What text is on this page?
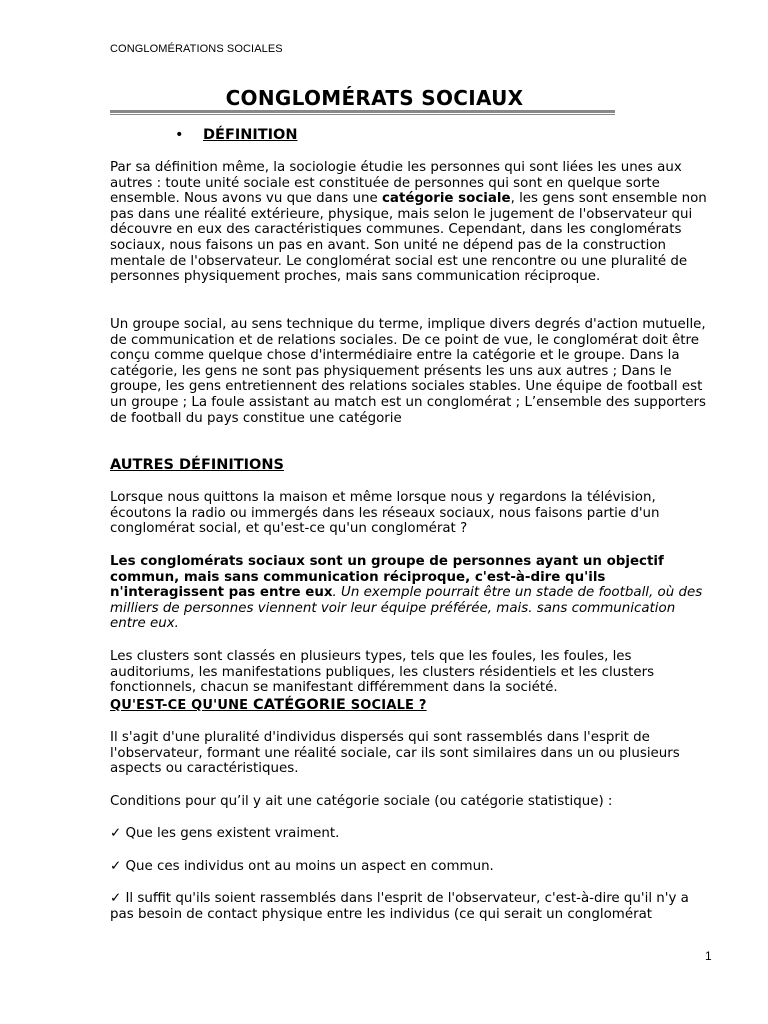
CONGLOMÉRATIONS SOCIALES
CONGLOMÉRATS SOCIAUX
• DÉFINITION

Par sa définition même, la sociologie étudie les personnes qui sont liées les unes aux autres : toute unité sociale est constituée de personnes qui sont en quelque sorte ensemble. Nous avons vu que dans une catégorie sociale, les gens sont ensemble non pas dans une réalité extérieure, physique, mais selon le jugement de l'observateur qui découvre en eux des caractéristiques communes. Cependant, dans les conglomérats sociaux, nous faisons un pas en avant. Son unité ne dépend pas de la construction mentale de l'observateur. Le conglomérat social est une rencontre ou une pluralité de personnes physiquement proches, mais sans communication réciproque.

Un groupe social, au sens technique du terme, implique divers degrés d'action mutuelle, de communication et de relations sociales. De ce point de vue, le conglomérat doit être conçu comme quelque chose d'intermédiaire entre la catégorie et le groupe. Dans la catégorie, les gens ne sont pas physiquement présents les uns aux autres ; Dans le groupe, les gens entretiennent des relations sociales stables. Une équipe de football est un groupe ; La foule assistant au match est un conglomérat ; L’ensemble des supporters de football du pays constitue une catégorie

AUTRES DÉFINITIONS

Lorsque nous quittons la maison et même lorsque nous y regardons la télévision, écoutons la radio ou immergés dans les réseaux sociaux, nous faisons partie d'un conglomérat social, et qu'est-ce qu'un conglomérat ?

Les conglomérats sociaux sont un groupe de personnes ayant un objectif commun, mais sans communication réciproque, c'est-à-dire qu'ils n'interagissent pas entre eux. Un exemple pourrait être un stade de football, où des milliers de personnes viennent voir leur équipe préférée, mais. sans communication entre eux.

Les clusters sont classés en plusieurs types, tels que les foules, les foules, les auditoriums, les manifestations publiques, les clusters résidentiels et les clusters fonctionnels, chacun se manifestant différemment dans la société.

QU'EST-CE QU'UNE CATÉGORIE SOCIALE ?

Il s'agit d'une pluralité d'individus dispersés qui sont rassemblés dans l'esprit de l'observateur, formant une réalité sociale, car ils sont similaires dans un ou plusieurs aspects ou caractéristiques.

Conditions pour qu’il y ait une catégorie sociale (ou catégorie statistique) :

✓ Que les gens existent vraiment.

✓ Que ces individus ont au moins un aspect en commun.

✓ Il suffit qu'ils soient rassemblés dans l'esprit de l'observateur, c'est-à-dire qu'il n'y a pas besoin de contact physique entre les individus (ce qui serait un conglomérat

1
